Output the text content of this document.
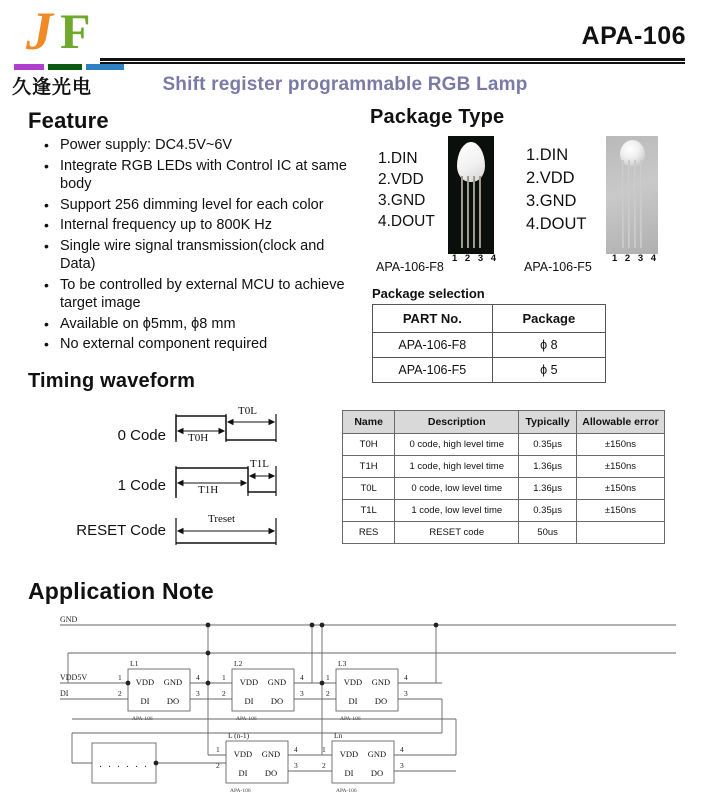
J F
久逢光电
APA-106
Shift register programmable RGB Lamp
Feature
• Power supply: DC4.5V~6V
• Integrate RGB LEDs with Control IC at same body
• Support 256 dimming level for each color
• Internal frequency up to 800K Hz
• Single wire signal transmission(clock and Data)
• To be controlled by external MCU to achieve target image
• Available on ϕ5mm, ϕ8 mm
• No external component required
Package Type
1.DIN
2.VDD
3.GND
4.DOUT
1 2 3 4
APA-106-F8
1.DIN
2.VDD
3.GND
4.DOUT
1 2 3 4
APA-106-F5
Package selection
PART No.	Package
APA-106-F8	ϕ 8
APA-106-F5	ϕ 5
Timing waveform
0 Code
1 Code
RESET Code
T0H
T0L
T1H
T1L
Treset
Name	Description	Typically	Allowable error
T0H	0 code, high level time	0.35µs	±150ns
T1H	1 code, high level time	1.36µs	±150ns
T0L	0 code, low level time	1.36µs	±150ns
T1L	1 code, low level time	0.35µs	±150ns
RES	RESET code	50us	
Application Note
GND
VDD5V
DI
VDD GND
DI DO
L1
APA-106
1
2	3
4	VDD GND
DI DO
L2
APA-106
1
2	3
4	VDD GND
DI DO
L3
APA-106
1
2	3
4
VDD GND
DI DO
L (n-1)
APA-106
1
2	3
4	VDD GND
DI DO
Ln
APA-106
1
2	3
4
. . . . . .
